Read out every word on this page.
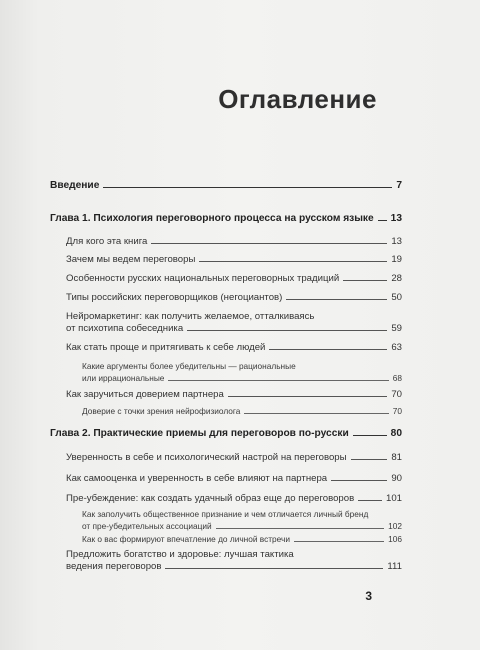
Оглавление
Введение	7
Глава 1. Психология переговорного процесса на русском языке 13
Для кого эта книга	13
Зачем мы ведем переговоры	19
Особенности русских национальных переговорных традиций	28
Типы российских переговорщиков (негоциантов)	50
Нейромаркетинг: как получить желаемое, отталкиваясь
от психотипа собеседника	59
Как стать проще и притягивать к себе людей	63
Какие аргументы более убедительны — рациональные
или иррациональные	68
Как заручиться доверием партнера	70
Доверие с точки зрения нейрофизиолога	70
Глава 2. Практические приемы для переговоров по-русски	80
Уверенность в себе и психологический настрой на переговоры	81
Как самооценка и уверенность в себе влияют на партнера	90
Пре-убеждение: как создать удачный образ еще до переговоров	101
Как заполучить общественное признание и чем отличается личный бренд
от пре-убедительных ассоциаций	102
Как о вас формируют впечатление до личной встречи	106
Предложить богатство и здоровье: лучшая тактика
ведения переговоров	111
3
